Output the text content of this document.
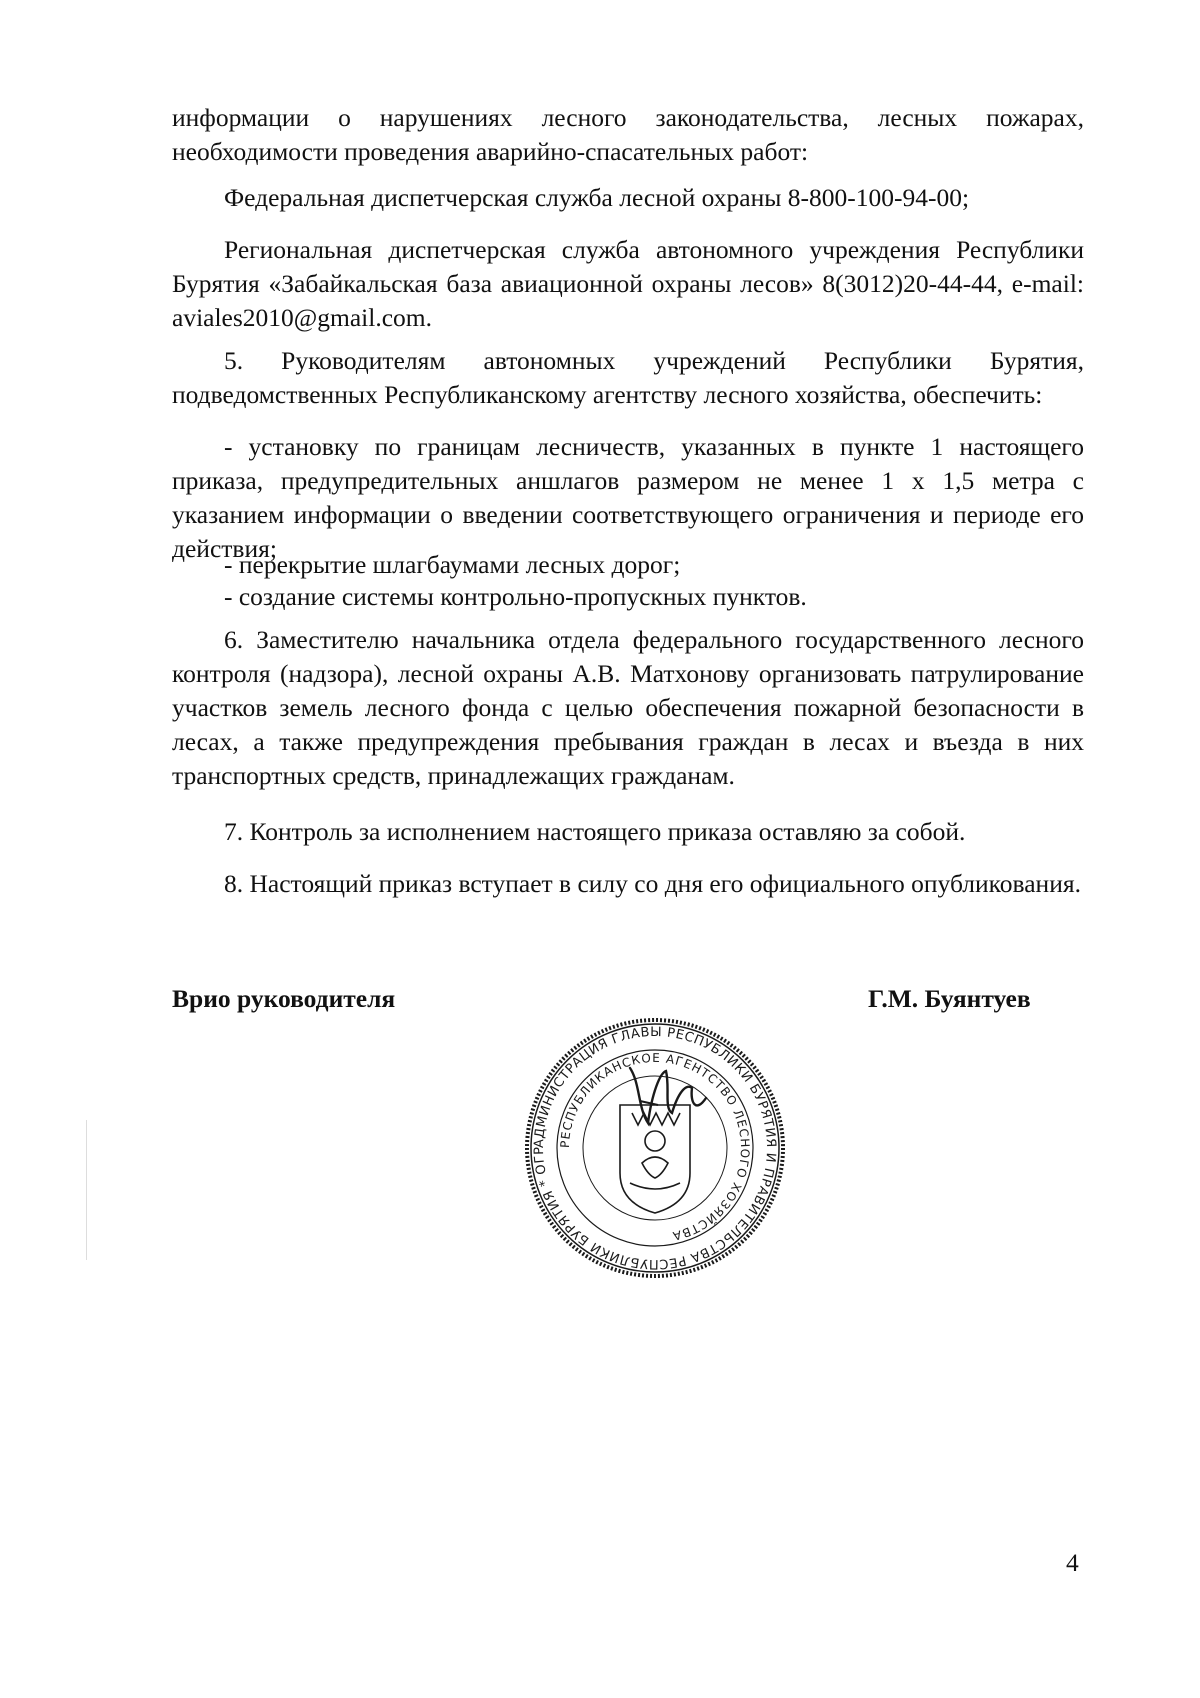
информации о нарушениях лесного законодательства, лесных пожарах, необходимости проведения аварийно-спасательных работ:

Федеральная диспетчерская служба лесной охраны 8-800-100-94-00;

Региональная диспетчерская служба автономного учреждения Республики Бурятия «Забайкальская база авиационной охраны лесов» 8(3012)20-44-44, e-mail: aviales2010@gmail.com.

5. Руководителям автономных учреждений Республики Бурятия, подведомственных Республиканскому агентству лесного хозяйства, обеспечить:

- установку по границам лесничеств, указанных в пункте 1 настоящего приказа, предупредительных аншлагов размером не менее 1 х 1,5 метра с указанием информации о введении соответствующего ограничения и периоде его действия;

- перекрытие шлагбаумами лесных дорог;

- создание системы контрольно-пропускных пунктов.

6. Заместителю начальника отдела федерального государственного лесного контроля (надзора), лесной охраны А.В. Матхонову организовать патрулирование участков земель лесного фонда с целью обеспечения пожарной безопасности в лесах, а также предупреждения пребывания граждан в лесах и въезда в них транспортных средств, принадлежащих гражданам.

7. Контроль за исполнением настоящего приказа оставляю за собой.

8. Настоящий приказ вступает в силу со дня его официального опубликования.

Врио руководителя	Г.М. Буянтуев
АДМИНИСТРАЦИЯ ГЛАВЫ РЕСПУБЛИКИ БУРЯТИЯ И ПРАВИТЕЛЬСТВА РЕСПУБЛИКИ БУРЯТИЯ * ОГР
РЕСПУБЛИКАНСКОЕ АГЕНТСТВО ЛЕСНОГО ХОЗЯЙСТВА
4
